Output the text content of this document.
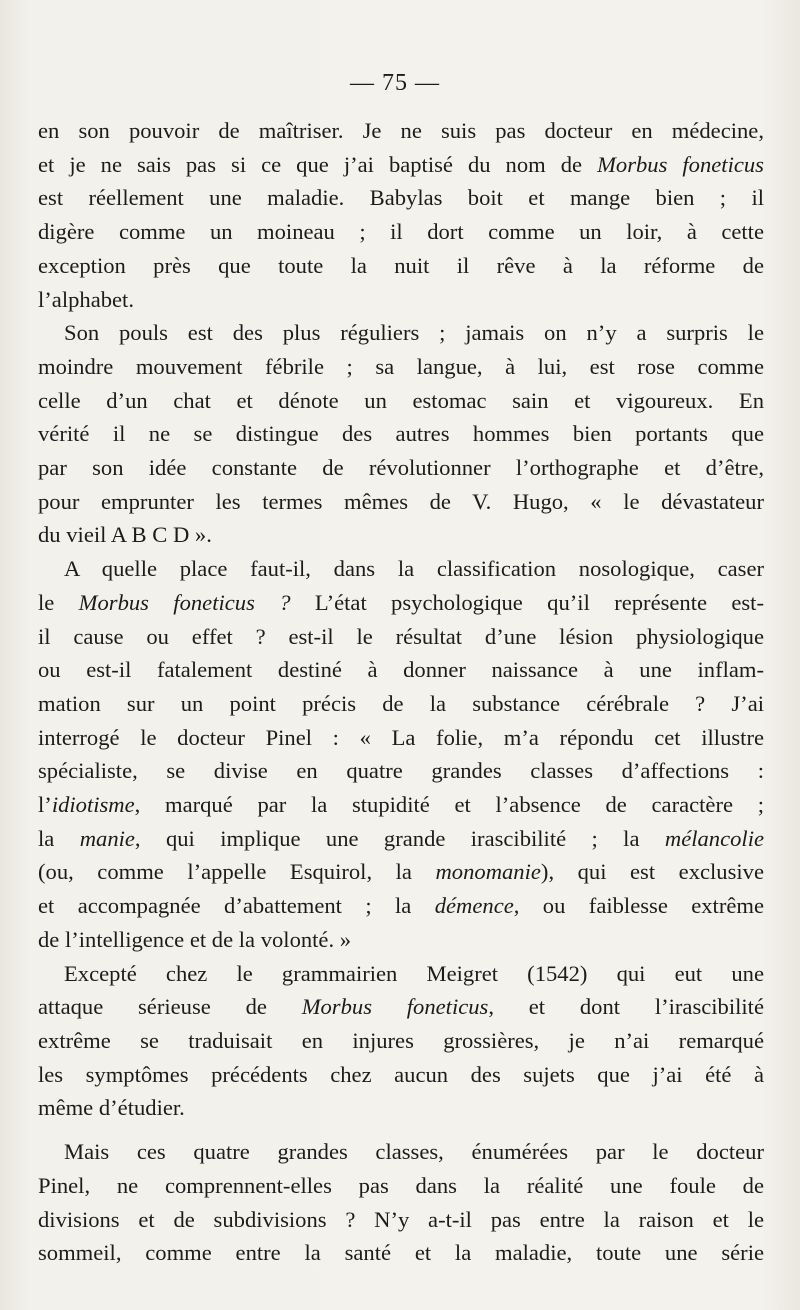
— 75 —
en son pouvoir de maîtriser. Je ne suis pas docteur en médecine,
et je ne sais pas si ce que j’ai baptisé du nom de Morbus foneticus
est réellement une maladie. Babylas boit et mange bien ; il
digère comme un moineau ; il dort comme un loir, à cette
exception près que toute la nuit il rêve à la réforme de
l’alphabet.
Son pouls est des plus réguliers ; jamais on n’y a surpris le
moindre mouvement fébrile ; sa langue, à lui, est rose comme
celle d’un chat et dénote un estomac sain et vigoureux. En
vérité il ne se distingue des autres hommes bien portants que
par son idée constante de révolutionner l’orthographe et d’être,
pour emprunter les termes mêmes de V. Hugo, « le dévastateur
du vieil A B C D ».
A quelle place faut-il, dans la classification nosologique, caser
le Morbus foneticus ? L’état psychologique qu’il représente est-
il cause ou effet ? est-il le résultat d’une lésion physiologique
ou est-il fatalement destiné à donner naissance à une inflam-
mation sur un point précis de la substance cérébrale ? J’ai
interrogé le docteur Pinel : « La folie, m’a répondu cet illustre
spécialiste, se divise en quatre grandes classes d’affections :
l’idiotisme, marqué par la stupidité et l’absence de caractère ;
la manie, qui implique une grande irascibilité ; la mélancolie
(ou, comme l’appelle Esquirol, la monomanie), qui est exclusive
et accompagnée d’abattement ; la démence, ou faiblesse extrême
de l’intelligence et de la volonté. »
Excepté chez le grammairien Meigret (1542) qui eut une
attaque sérieuse de Morbus foneticus, et dont l’irascibilité
extrême se traduisait en injures grossières, je n’ai remarqué
les symptômes précédents chez aucun des sujets que j’ai été à
même d’étudier.
Mais ces quatre grandes classes, énumérées par le docteur
Pinel, ne comprennent-elles pas dans la réalité une foule de
divisions et de subdivisions ? N’y a-t-il pas entre la raison et le
sommeil, comme entre la santé et la maladie, toute une série
